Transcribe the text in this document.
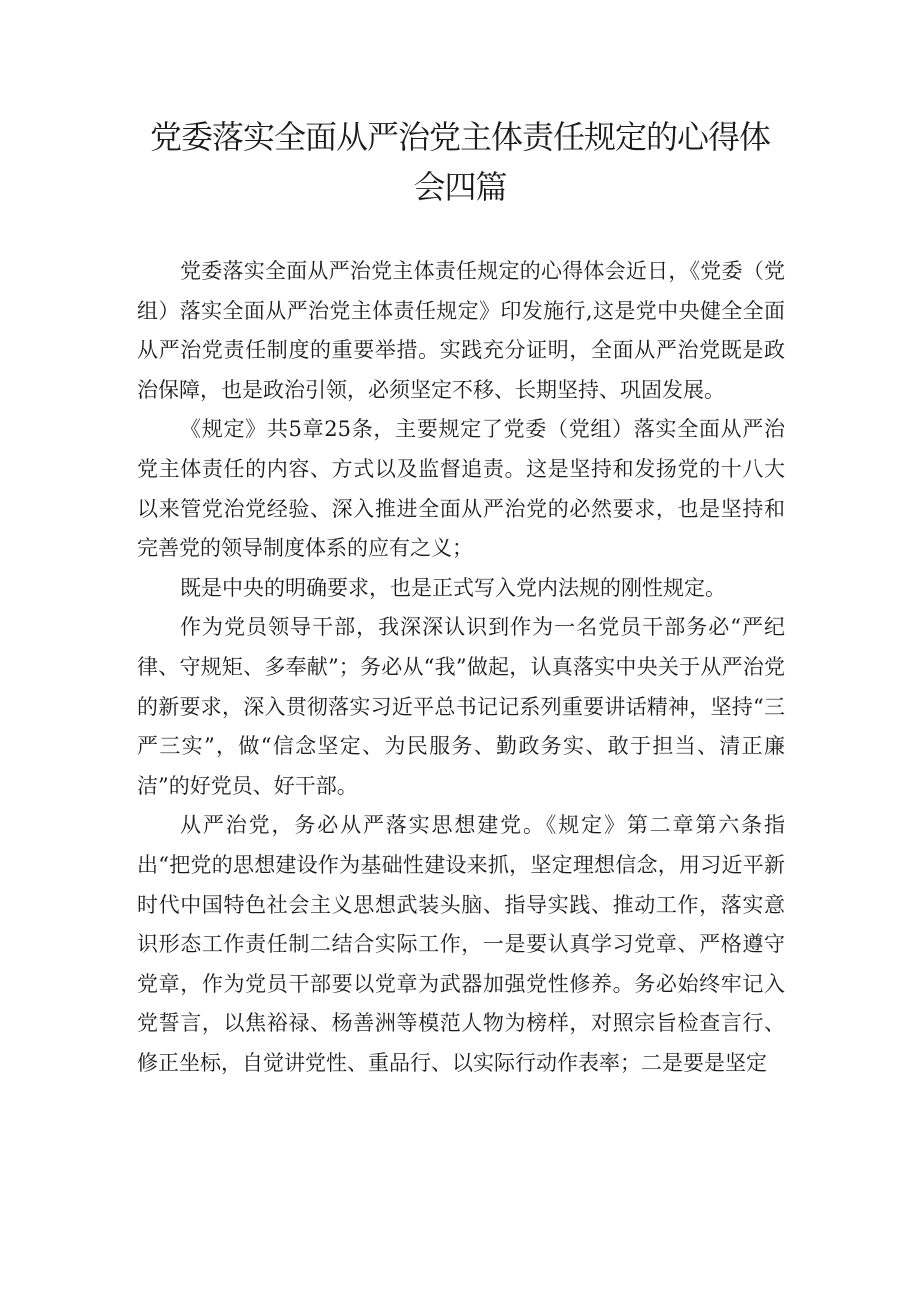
党委落实全面从严治党主体责任规定的心得体会四篇

党委落实全面从严治党主体责任规定的心得体会近日，《党委（党组）落实全面从严治党主体责任规定》印发施行,这是党中央健全全面从严治党责任制度的重要举措。实践充分证明，全面从严治党既是政治保障，也是政治引领，必须坚定不移、长期坚持、巩固发展。

《规定》共5章25条，主要规定了党委（党组）落实全面从严治党主体责任的内容、方式以及监督追责。这是坚持和发扬党的十八大以来管党治党经验、深入推进全面从严治党的必然要求，也是坚持和完善党的领导制度体系的应有之义；

既是中央的明确要求，也是正式写入党内法规的刚性规定。

作为党员领导干部，我深深认识到作为一名党员干部务必“严纪律、守规矩、多奉献”；务必从“我”做起，认真落实中央关于从严治党的新要求，深入贯彻落实习近平总书记记系列重要讲话精神，坚持“三严三实”，做“信念坚定、为民服务、勤政务实、敢于担当、清正廉洁”的好党员、好干部。

从严治党，务必从严落实思想建党。《规定》第二章第六条指出“把党的思想建设作为基础性建设来抓，坚定理想信念，用习近平新时代中国特色社会主义思想武装头脑、指导实践、推动工作，落实意识形态工作责任制二结合实际工作，一是要认真学习党章、严格遵守党章，作为党员干部要以党章为武器加强党性修养。务必始终牢记入党誓言，以焦裕禄、杨善洲等模范人物为榜样，对照宗旨检查言行、修正坐标，自觉讲党性、重品行、以实际行动作表率；二是要是坚定
